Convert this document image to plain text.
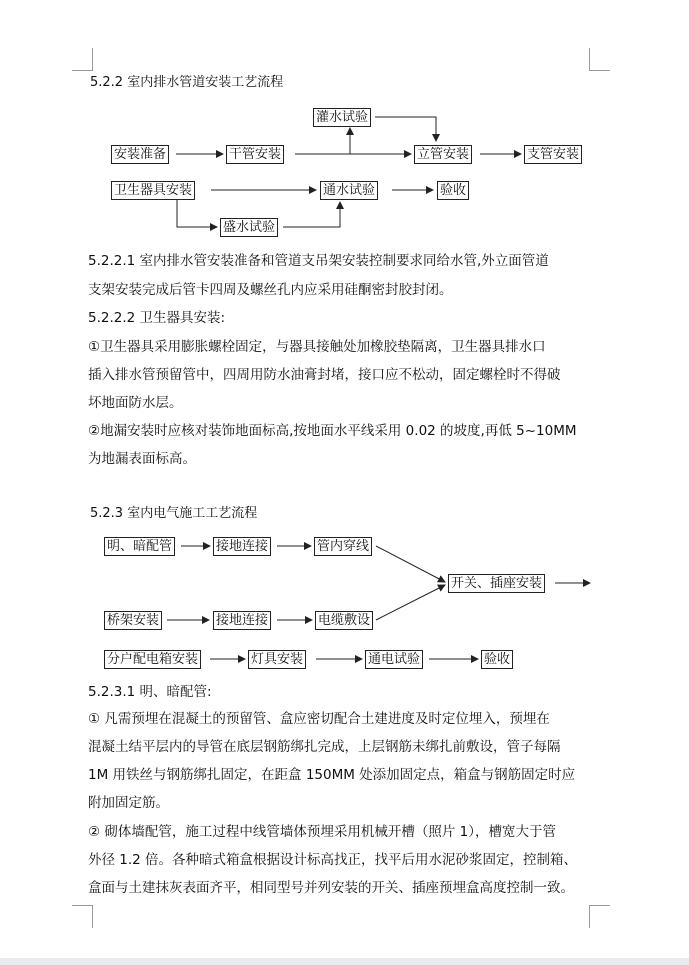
5.2.2 室内排水管道安装工艺流程
灌水试验
安装准备	干管安装	立管安装	支管安装
卫生器具安装	通水试验	验收
盛水试验
5.2.2.1 室内排水管安装准备和管道支吊架安装控制要求同给水管,外立面管道
支架安装完成后管卡四周及螺丝孔内应采用硅酮密封胶封闭。
5.2.2.2 卫生器具安装:
①卫生器具采用膨胀螺栓固定，与器具接触处加橡胶垫隔离，卫生器具排水口
插入排水管预留管中，四周用防水油膏封堵，接口应不松动，固定螺栓时不得破
坏地面防水层。
②地漏安装时应核对装饰地面标高,按地面水平线采用 0.02 的坡度,再低 5~10MM
为地漏表面标高。
5.2.3 室内电气施工工艺流程
明、暗配管	接地连接	管内穿线
开关、插座安装
桥架安装	接地连接	电缆敷设
分户配电箱安装	灯具安装	通电试验	验收
5.2.3.1 明、暗配管:
① 凡需预埋在混凝土的预留管、盒应密切配合土建进度及时定位埋入，预埋在
混凝土结平层内的导管在底层钢筋绑扎完成，上层钢筋未绑扎前敷设，管子每隔
1M 用铁丝与钢筋绑扎固定，在距盒 150MM 处添加固定点，箱盒与钢筋固定时应
附加固定筋。
② 砌体墙配管，施工过程中线管墙体预埋采用机械开槽（照片 1），槽宽大于管
外径 1.2 倍。各种暗式箱盒根据设计标高找正，找平后用水泥砂浆固定，控制箱、
盒面与土建抹灰表面齐平，相同型号并列安装的开关、插座预埋盒高度控制一致。
